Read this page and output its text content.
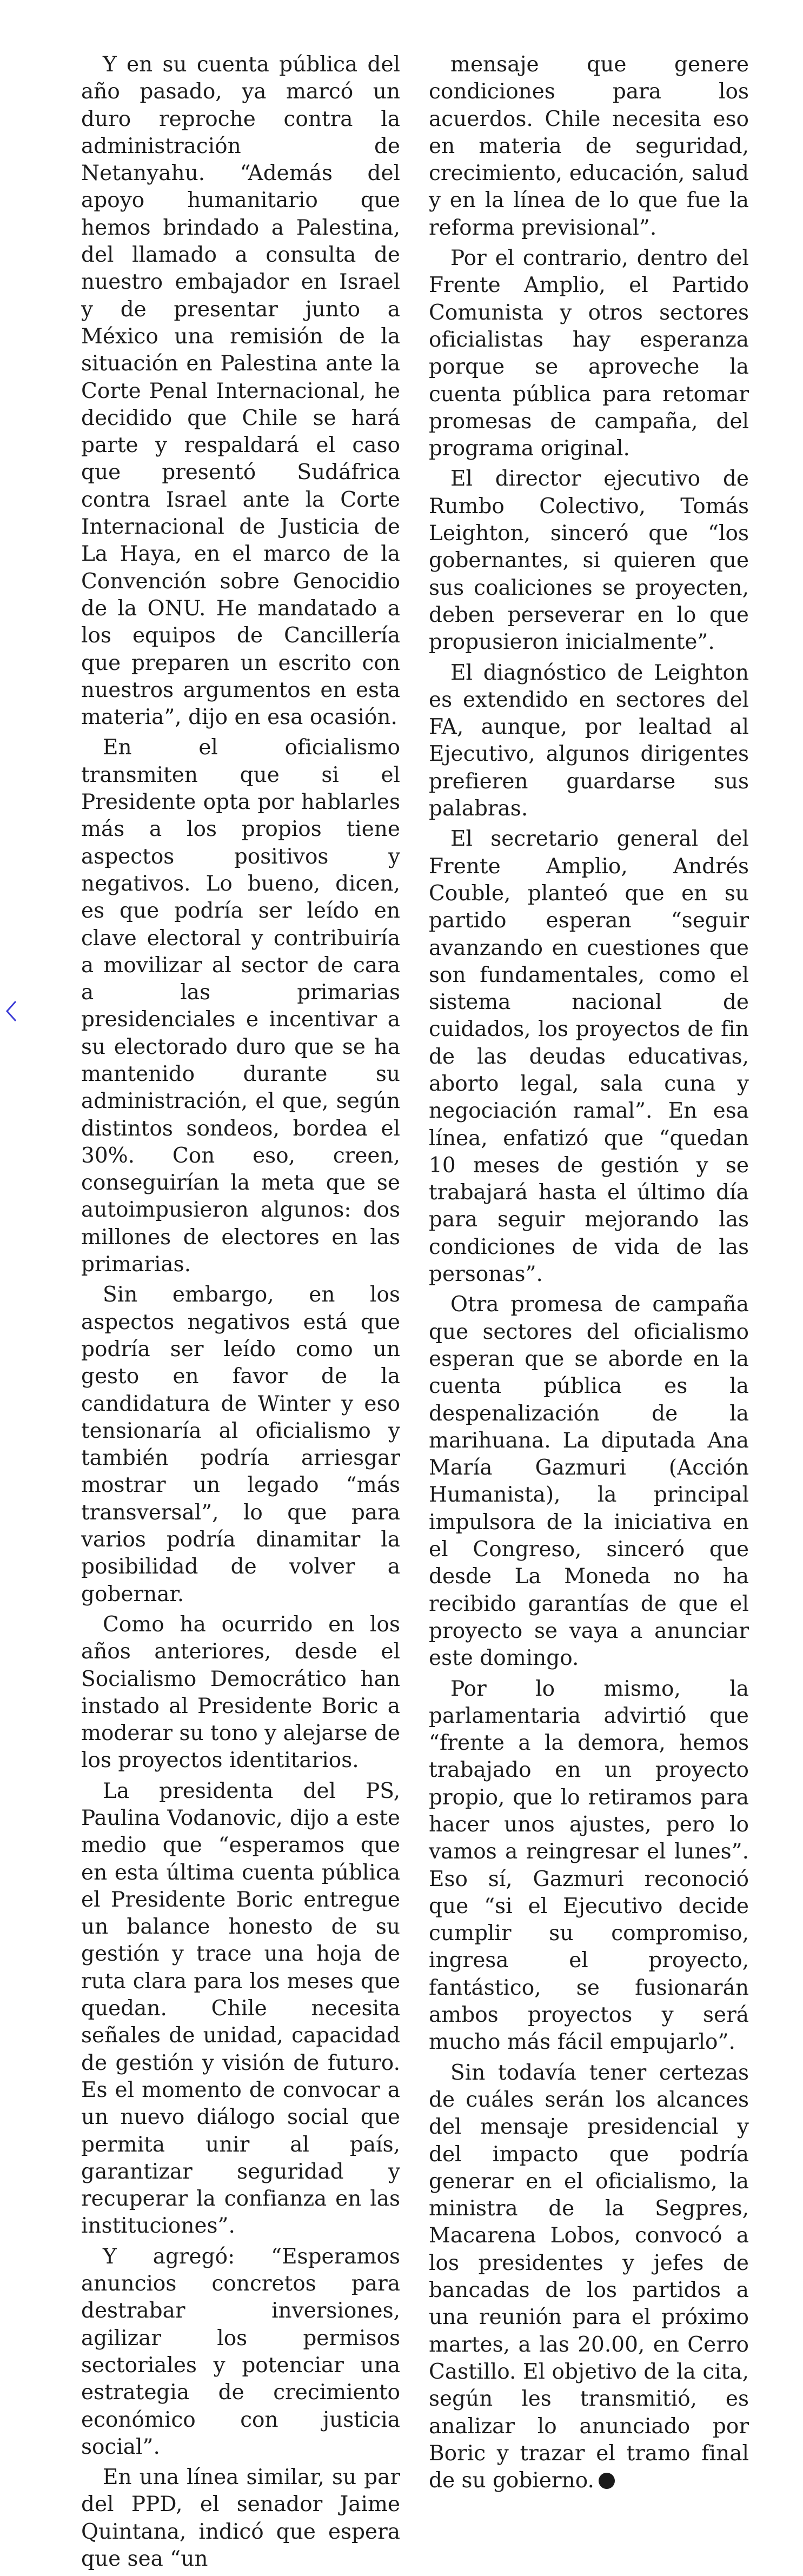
Y en su cuenta pública del año pasado, ya marcó un duro reproche contra la administración de Netanyahu. “Además del apoyo humanitario que hemos brindado a Palestina, del llamado a consulta de nuestro embajador en Israel y de presentar junto a México una remisión de la situación en Palestina ante la Corte Penal Internacional, he decidido que Chile se hará parte y respaldará el caso que presentó Sudáfrica contra Israel ante la Corte Internacional de Justicia de La Haya, en el marco de la Convención sobre Genocidio de la ONU. He mandatado a los equipos de Cancillería que preparen un escrito con nuestros argumentos en esta materia”, dijo en esa ocasión.

En el oficialismo transmiten que si el Presidente opta por hablarles más a los propios tiene aspectos positivos y negativos. Lo bueno, dicen, es que podría ser leído en clave electoral y contribuiría a movilizar al sector de cara a las primarias presidenciales e incentivar a su electorado duro que se ha mantenido durante su administración, el que, según distintos sondeos, bordea el 30%. Con eso, creen, conseguirían la meta que se autoimpusieron algunos: dos millones de electores en las primarias.

Sin embargo, en los aspectos negativos está que podría ser leído como un gesto en favor de la candidatura de Winter y eso tensionaría al oficialismo y también podría arriesgar mostrar un legado “más transversal”, lo que para varios podría dinamitar la posibilidad de volver a gobernar.

Como ha ocurrido en los años anteriores, desde el Socialismo Democrático han instado al Presidente Boric a moderar su tono y alejarse de los proyectos identitarios.

La presidenta del PS, Paulina Vodanovic, dijo a este medio que “esperamos que en esta última cuenta pública el Presidente Boric entregue un balance honesto de su gestión y trace una hoja de ruta clara para los meses que quedan. Chile necesita señales de unidad, capacidad de gestión y visión de futuro. Es el momento de convocar a un nuevo diálogo social que permita unir al país, garantizar seguridad y recuperar la confianza en las instituciones”.

Y agregó: “Esperamos anuncios concretos para destrabar inversiones, agilizar los permisos sectoriales y potenciar una estrategia de crecimiento económico con justicia social”.

En una línea similar, su par del PPD, el senador Jaime Quintana, indicó que espera que sea “un

mensaje que genere condiciones para los acuerdos. Chile necesita eso en materia de seguridad, crecimiento, educación, salud y en la línea de lo que fue la reforma previsional”.

Por el contrario, dentro del Frente Amplio, el Partido Comunista y otros sectores oficialistas hay esperanza porque se aproveche la cuenta pública para retomar promesas de campaña, del programa original.

El director ejecutivo de Rumbo Colectivo, Tomás Leighton, sinceró que “los gobernantes, si quieren que sus coaliciones se proyecten, deben perseverar en lo que propusieron inicialmente”.

El diagnóstico de Leighton es extendido en sectores del FA, aunque, por lealtad al Ejecutivo, algunos dirigentes prefieren guardarse sus palabras.

El secretario general del Frente Amplio, Andrés Couble, planteó que en su partido esperan “seguir avanzando en cuestiones que son fundamentales, como el sistema nacional de cuidados, los proyectos de fin de las deudas educativas, aborto legal, sala cuna y negociación ramal”. En esa línea, enfatizó que “quedan 10 meses de gestión y se trabajará hasta el último día para seguir mejorando las condiciones de vida de las personas”.

Otra promesa de campaña que sectores del oficialismo esperan que se aborde en la cuenta pública es la despenalización de la marihuana. La diputada Ana María Gazmuri (Acción Humanista), la principal impulsora de la iniciativa en el Congreso, sinceró que desde La Moneda no ha recibido garantías de que el proyecto se vaya a anunciar este domingo.

Por lo mismo, la parlamentaria advirtió que “frente a la demora, hemos trabajado en un proyecto propio, que lo retiramos para hacer unos ajustes, pero lo vamos a reingresar el lunes”. Eso sí, Gazmuri reconoció que “si el Ejecutivo decide cumplir su compromiso, ingresa el proyecto, fantástico, se fusionarán ambos proyectos y será mucho más fácil empujarlo”.

Sin todavía tener certezas de cuáles serán los alcances del mensaje presidencial y del impacto que podría generar en el oficialismo, la ministra de la Segpres, Macarena Lobos, convocó a los presidentes y jefes de bancadas de los partidos a una reunión para el próximo martes, a las 20.00, en Cerro Castillo. El objetivo de la cita, según les transmitió, es analizar lo anunciado por Boric y trazar el tramo final de su gobierno.
